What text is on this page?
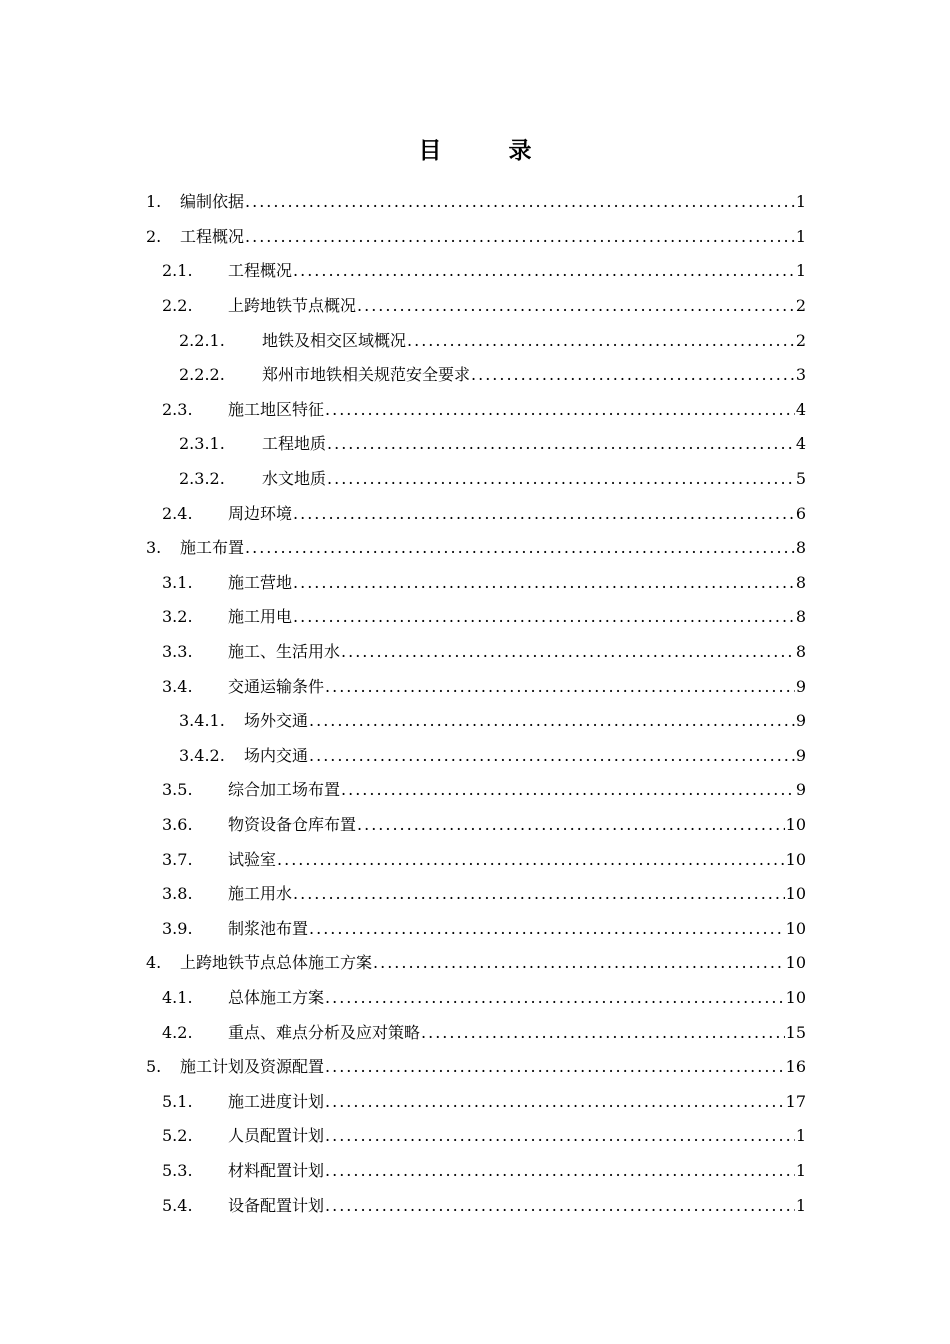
目　录
1. 编制依据 .....	1
2. 工程概况 .....	1
2.1. 工程概况 .....	1
2.2. 上跨地铁节点概况 .....	2
2.2.1. 地铁及相交区域概况 .....	2
2.2.2. 郑州市地铁相关规范安全要求 .....	3
2.3. 施工地区特征 .....	4
2.3.1. 工程地质 .....	4
2.3.2. 水文地质 .....	5
2.4. 周边环境 .....	6
3. 施工布置 .....	8
3.1. 施工营地 .....	8
3.2. 施工用电 .....	8
3.3. 施工、生活用水 .....	8
3.4. 交通运输条件 .....	9
3.4.1. 场外交通 .....	9
3.4.2. 场内交通 .....	9
3.5. 综合加工场布置 .....	9
3.6. 物资设备仓库布置 .....	10
3.7. 试验室 .....	10
3.8. 施工用水 .....	10
3.9. 制浆池布置 .....	10
4. 上跨地铁节点总体施工方案 .....	10
4.1. 总体施工方案 .....	10
4.2. 重点、难点分析及应对策略 .....	15
5. 施工计划及资源配置 .....	16
5.1. 施工进度计划 .....	17
5.2. 人员配置计划 .....	1
5.3. 材料配置计划 .....	1
5.4. 设备配置计划 .....	1
